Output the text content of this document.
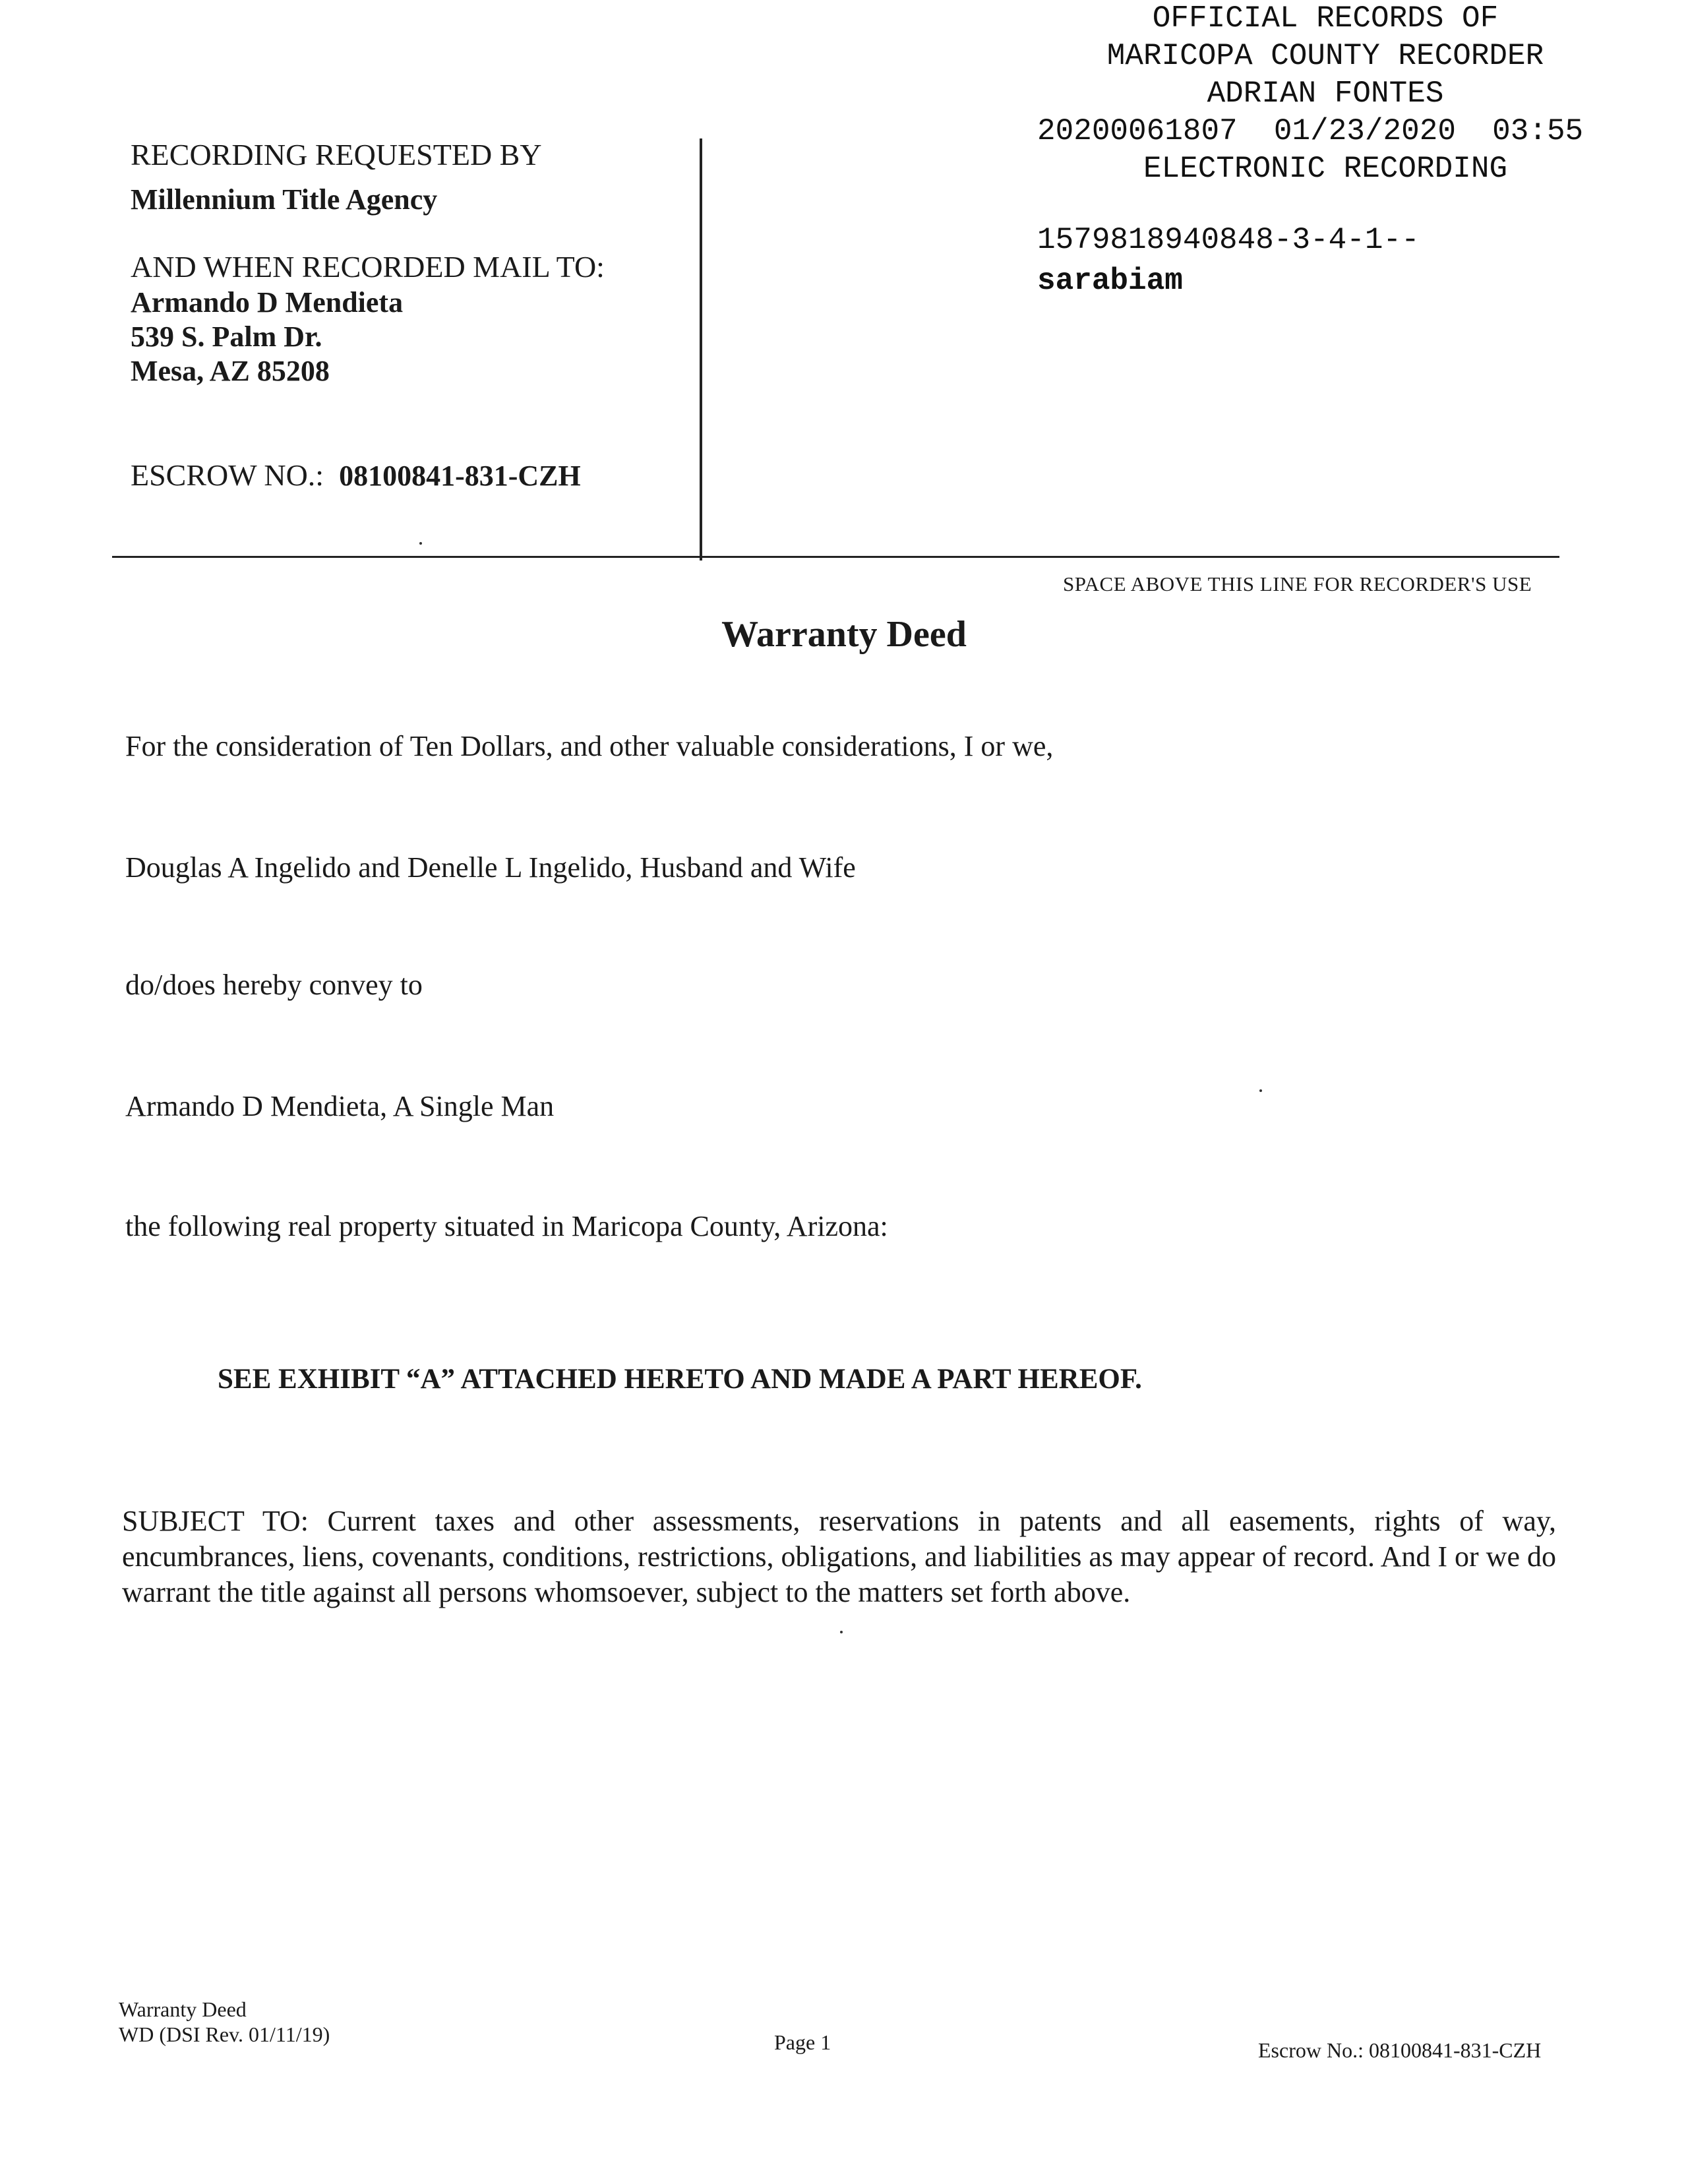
OFFICIAL RECORDS OF
MARICOPA COUNTY RECORDER
ADRIAN FONTES
20200061807 01/23/2020 03:55
ELECTRONIC RECORDING
1579818940848-3-4-1--
sarabiam
RECORDING REQUESTED BY
Millennium Title Agency
AND WHEN RECORDED MAIL TO:
Armando D Mendieta
539 S. Palm Dr.
Mesa, AZ 85208
ESCROW NO.: 08100841-831-CZH
SPACE ABOVE THIS LINE FOR RECORDER'S USE
Warranty Deed
For the consideration of Ten Dollars, and other valuable considerations, I or we,
Douglas A Ingelido and Denelle L Ingelido, Husband and Wife
do/does hereby convey to
Armando D Mendieta, A Single Man
the following real property situated in Maricopa County, Arizona:
SEE EXHIBIT “A” ATTACHED HERETO AND MADE A PART HEREOF.
SUBJECT TO: Current taxes and other assessments, reservations in patents and all easements, rights of way, encumbrances, liens, covenants, conditions, restrictions, obligations, and liabilities as may appear of record. And I or we do warrant the title against all persons whomsoever, subject to the matters set forth above.
Warranty Deed
WD (DSI Rev. 01/11/19)	Page 1	Escrow No.: 08100841-831-CZH
